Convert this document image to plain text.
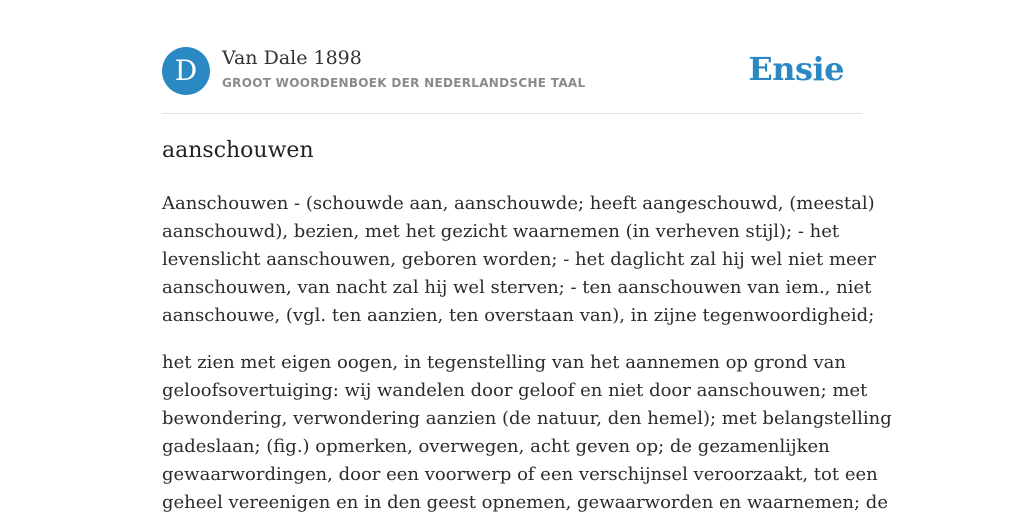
D	Van Dale 1898
GROOT WOORDENBOEK DER NEDERLANDSCHE TAAL	Ensie
aanschouwen

Aanschouwen - (schouwde aan, aanschouwde; heeft aangeschouwd, (meestal)
aanschouwd), bezien, met het gezicht waarnemen (in verheven stijl); - het
levenslicht aanschouwen, geboren worden; - het daglicht zal hij wel niet meer
aanschouwen, van nacht zal hij wel sterven; - ten aanschouwen van iem., niet
aanschouwe, (vgl. ten aanzien, ten overstaan van), in zijne tegenwoordigheid;

het zien met eigen oogen, in tegenstelling van het aannemen op grond van
geloofsovertuiging: wij wandelen door geloof en niet door aanschouwen; met
bewondering, verwondering aanzien (de natuur, den hemel); met belangstelling
gadeslaan; (fig.) opmerken, overwegen, acht geven op; de gezamenlijken
gewaarwordingen, door een voorwerp of een verschijnsel veroorzaakt, tot een
geheel vereenigen en in den geest opnemen, gewaarworden en waarnemen; de
